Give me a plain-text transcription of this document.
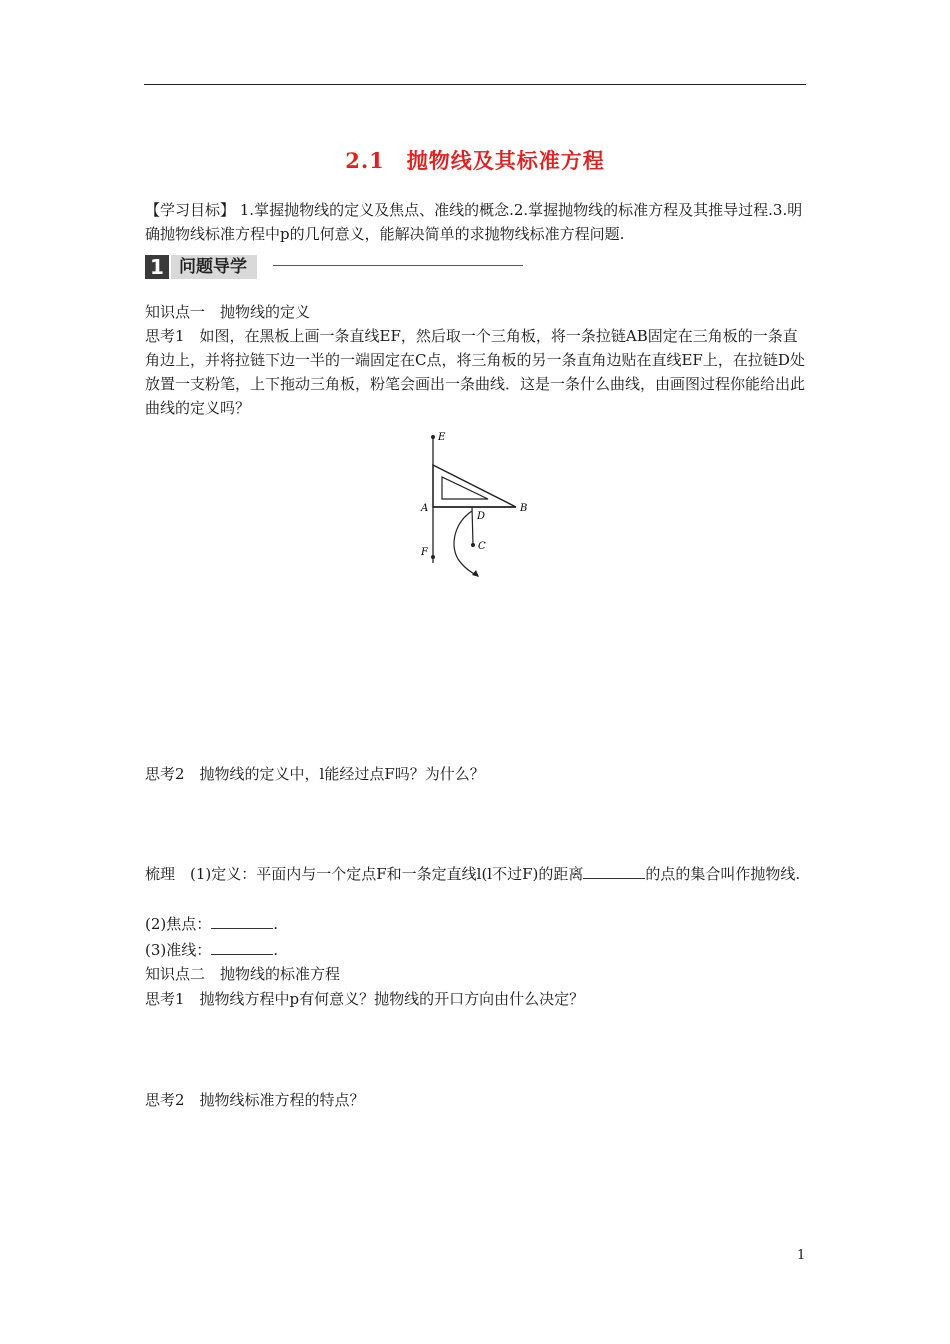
2.1　抛物线及其标准方程
【学习目标】 1.掌握抛物线的定义及焦点、准线的概念.2.掌握抛物线的标准方程及其推导过程.3.明确抛物线标准方程中p的几何意义，能解决简单的求抛物线标准方程问题.
1 问题导学
知识点一　抛物线的定义
思考1　如图，在黑板上画一条直线EF，然后取一个三角板，将一条拉链AB固定在三角板的一条直角边上，并将拉链下边一半的一端固定在C点，将三角板的另一条直角边贴在直线EF上，在拉链D处放置一支粉笔，上下拖动三角板，粉笔会画出一条曲线．这是一条什么曲线，由画图过程你能给出此曲线的定义吗？
E
A	B
D
C
F
思考2　抛物线的定义中，l能经过点F吗？为什么？
梳理　(1)定义：平面内与一个定点F和一条定直线l(l不过F)的距离	的点的集合叫作抛物线.
(2)焦点：	.
(3)准线：	.
知识点二　抛物线的标准方程
思考1　抛物线方程中p有何意义？抛物线的开口方向由什么决定？
思考2　抛物线标准方程的特点？
1
